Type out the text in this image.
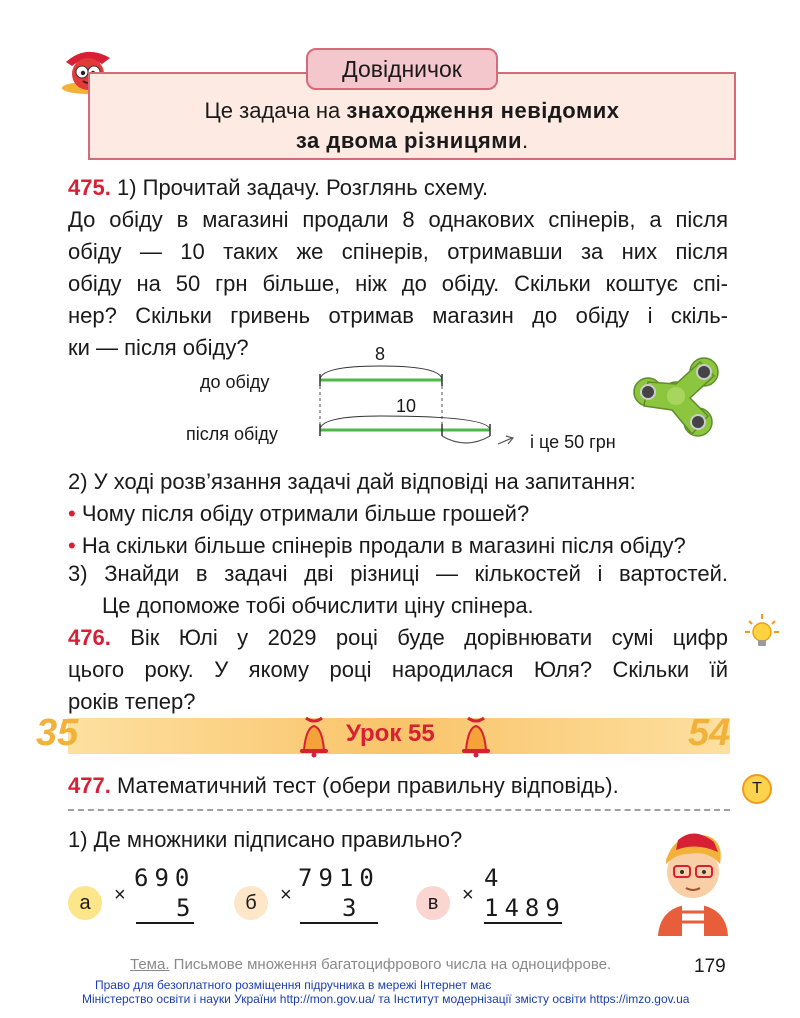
Довідничок
Це задача на знаходження невідомих
за двома різницями.
475. 1) Прочитай задачу. Розглянь схему.
До обіду в магазині продали 8 однакових спінерів, а після
обіду — 10 таких же спінерів, отримавши за них після
обіду на 50 грн більше, ніж до обіду. Скільки коштує спі-
нер? Скільки гривень отримав магазин до обіду і скіль-
ки — після обіду?
до обіду
після обіду
8
10
і це 50 грн
2) У ході розв’язання задачі дай відповіді на запитання:
• Чому після обіду отримали більше грошей?
• На скільки більше спінерів продали в магазині після обіду?
3) Знайди в задачі дві різниці — кількостей і вартостей.
Це допоможе тобі обчислити ціну спінера.
476. Вік Юлі у 2029 році буде дорівнювати сумі цифр
цього року. У якому році народилася Юля? Скільки їй
років тепер?
35	54
Урок 55
477. Математичний тест (обери правильну відповідь).	Т
1) Де множники підписано правильно?
а	×
690
5	б	×
7910
3	в	×
4
1489
Тема. Письмове множення багатоцифрового числа на одноцифрове.	179
Право для безоплатного розміщення підручника в мережі Інтернет має
Міністерство освіти і науки України http://mon.gov.ua/ та Інститут модернізації змісту освіти https://imzo.gov.ua
